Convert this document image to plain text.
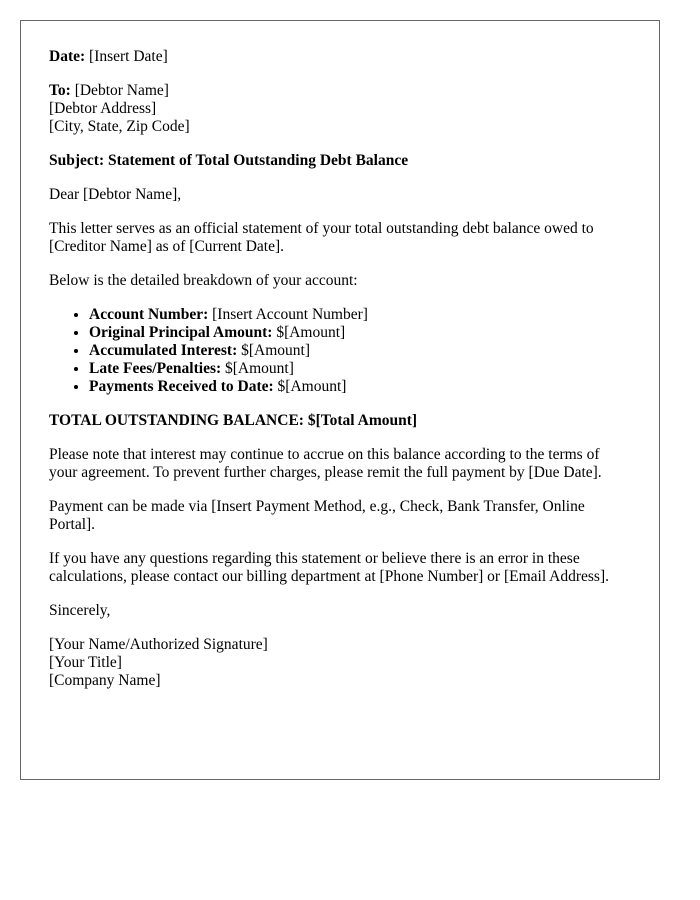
Date: [Insert Date]

To: [Debtor Name]
[Debtor Address]
[City, State, Zip Code]

Subject: Statement of Total Outstanding Debt Balance

Dear [Debtor Name],

This letter serves as an official statement of your total outstanding debt balance owed to [Creditor Name] as of [Current Date].

Below is the detailed breakdown of your account:

• Account Number: [Insert Account Number]
• Original Principal Amount: $[Amount]
• Accumulated Interest: $[Amount]
• Late Fees/Penalties: $[Amount]
• Payments Received to Date: $[Amount]

TOTAL OUTSTANDING BALANCE: $[Total Amount]

Please note that interest may continue to accrue on this balance according to the terms of your agreement. To prevent further charges, please remit the full payment by [Due Date].

Payment can be made via [Insert Payment Method, e.g., Check, Bank Transfer, Online Portal].

If you have any questions regarding this statement or believe there is an error in these calculations, please contact our billing department at [Phone Number] or [Email Address].

Sincerely,

[Your Name/Authorized Signature]
[Your Title]
[Company Name]
